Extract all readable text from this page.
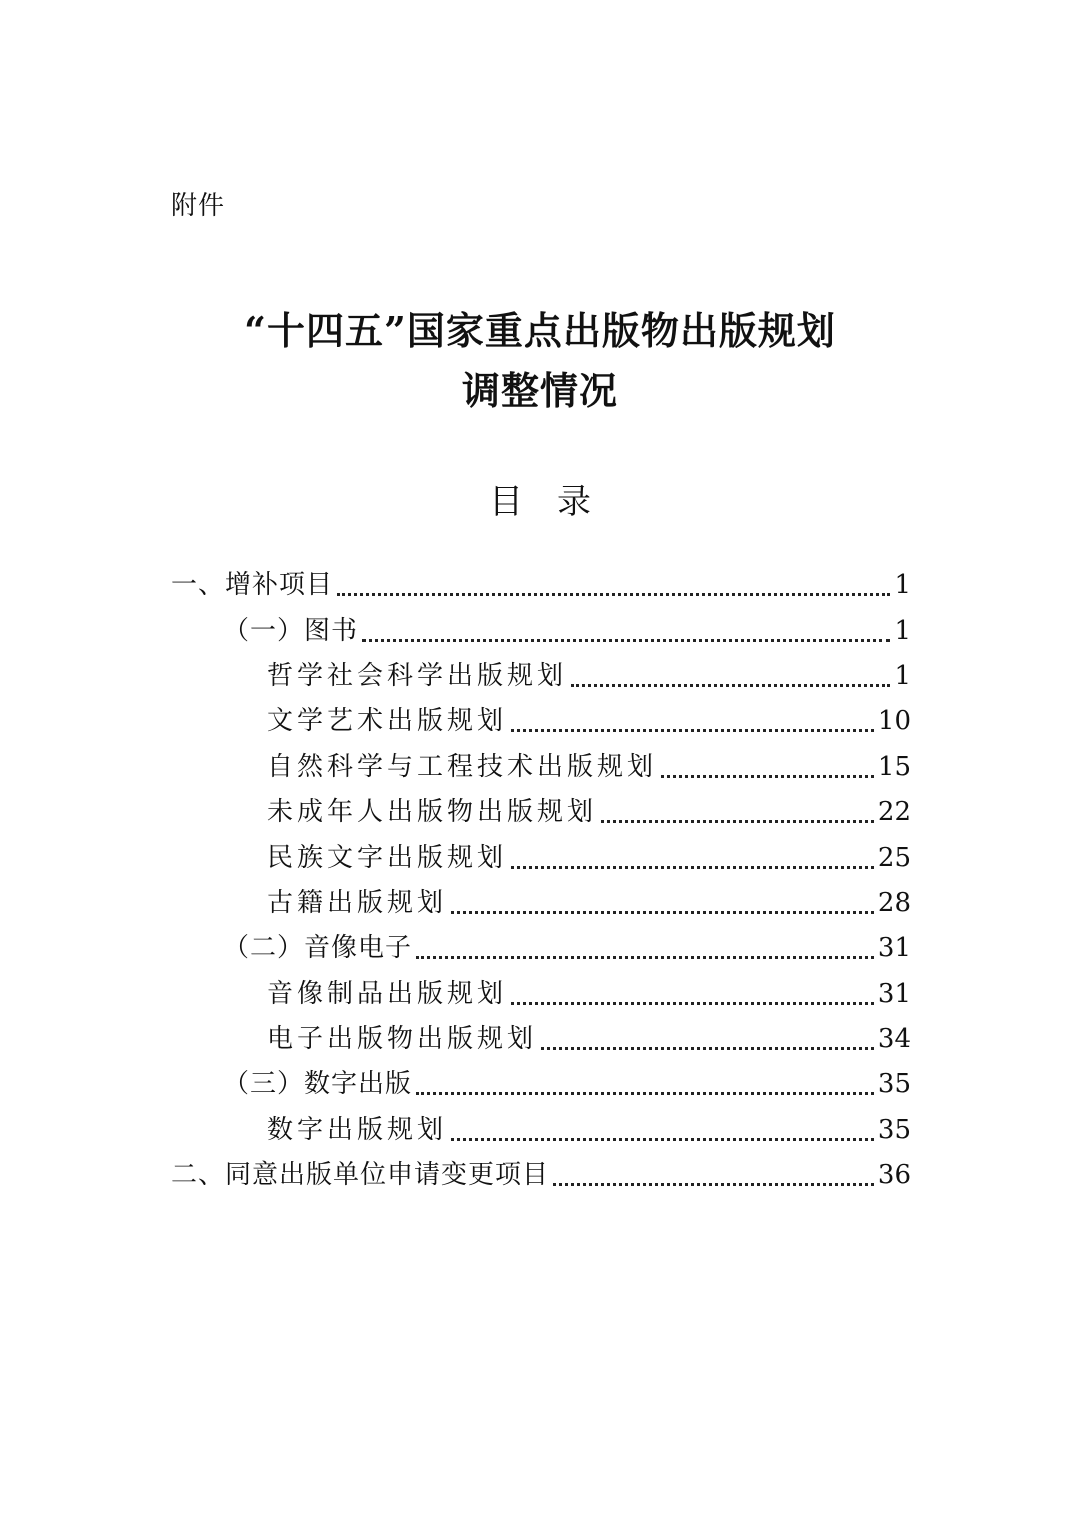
附件
“十四五”国家重点出版物出版规划
调整情况
目录
一、增补项目	1
（一）图书	1
哲学社会科学出版规划	1
文学艺术出版规划	10
自然科学与工程技术出版规划	15
未成年人出版物出版规划	22
民族文字出版规划	25
古籍出版规划	28
（二）音像电子	31
音像制品出版规划	31
电子出版物出版规划	34
（三）数字出版	35
数字出版规划	35
二、同意出版单位申请变更项目	36
